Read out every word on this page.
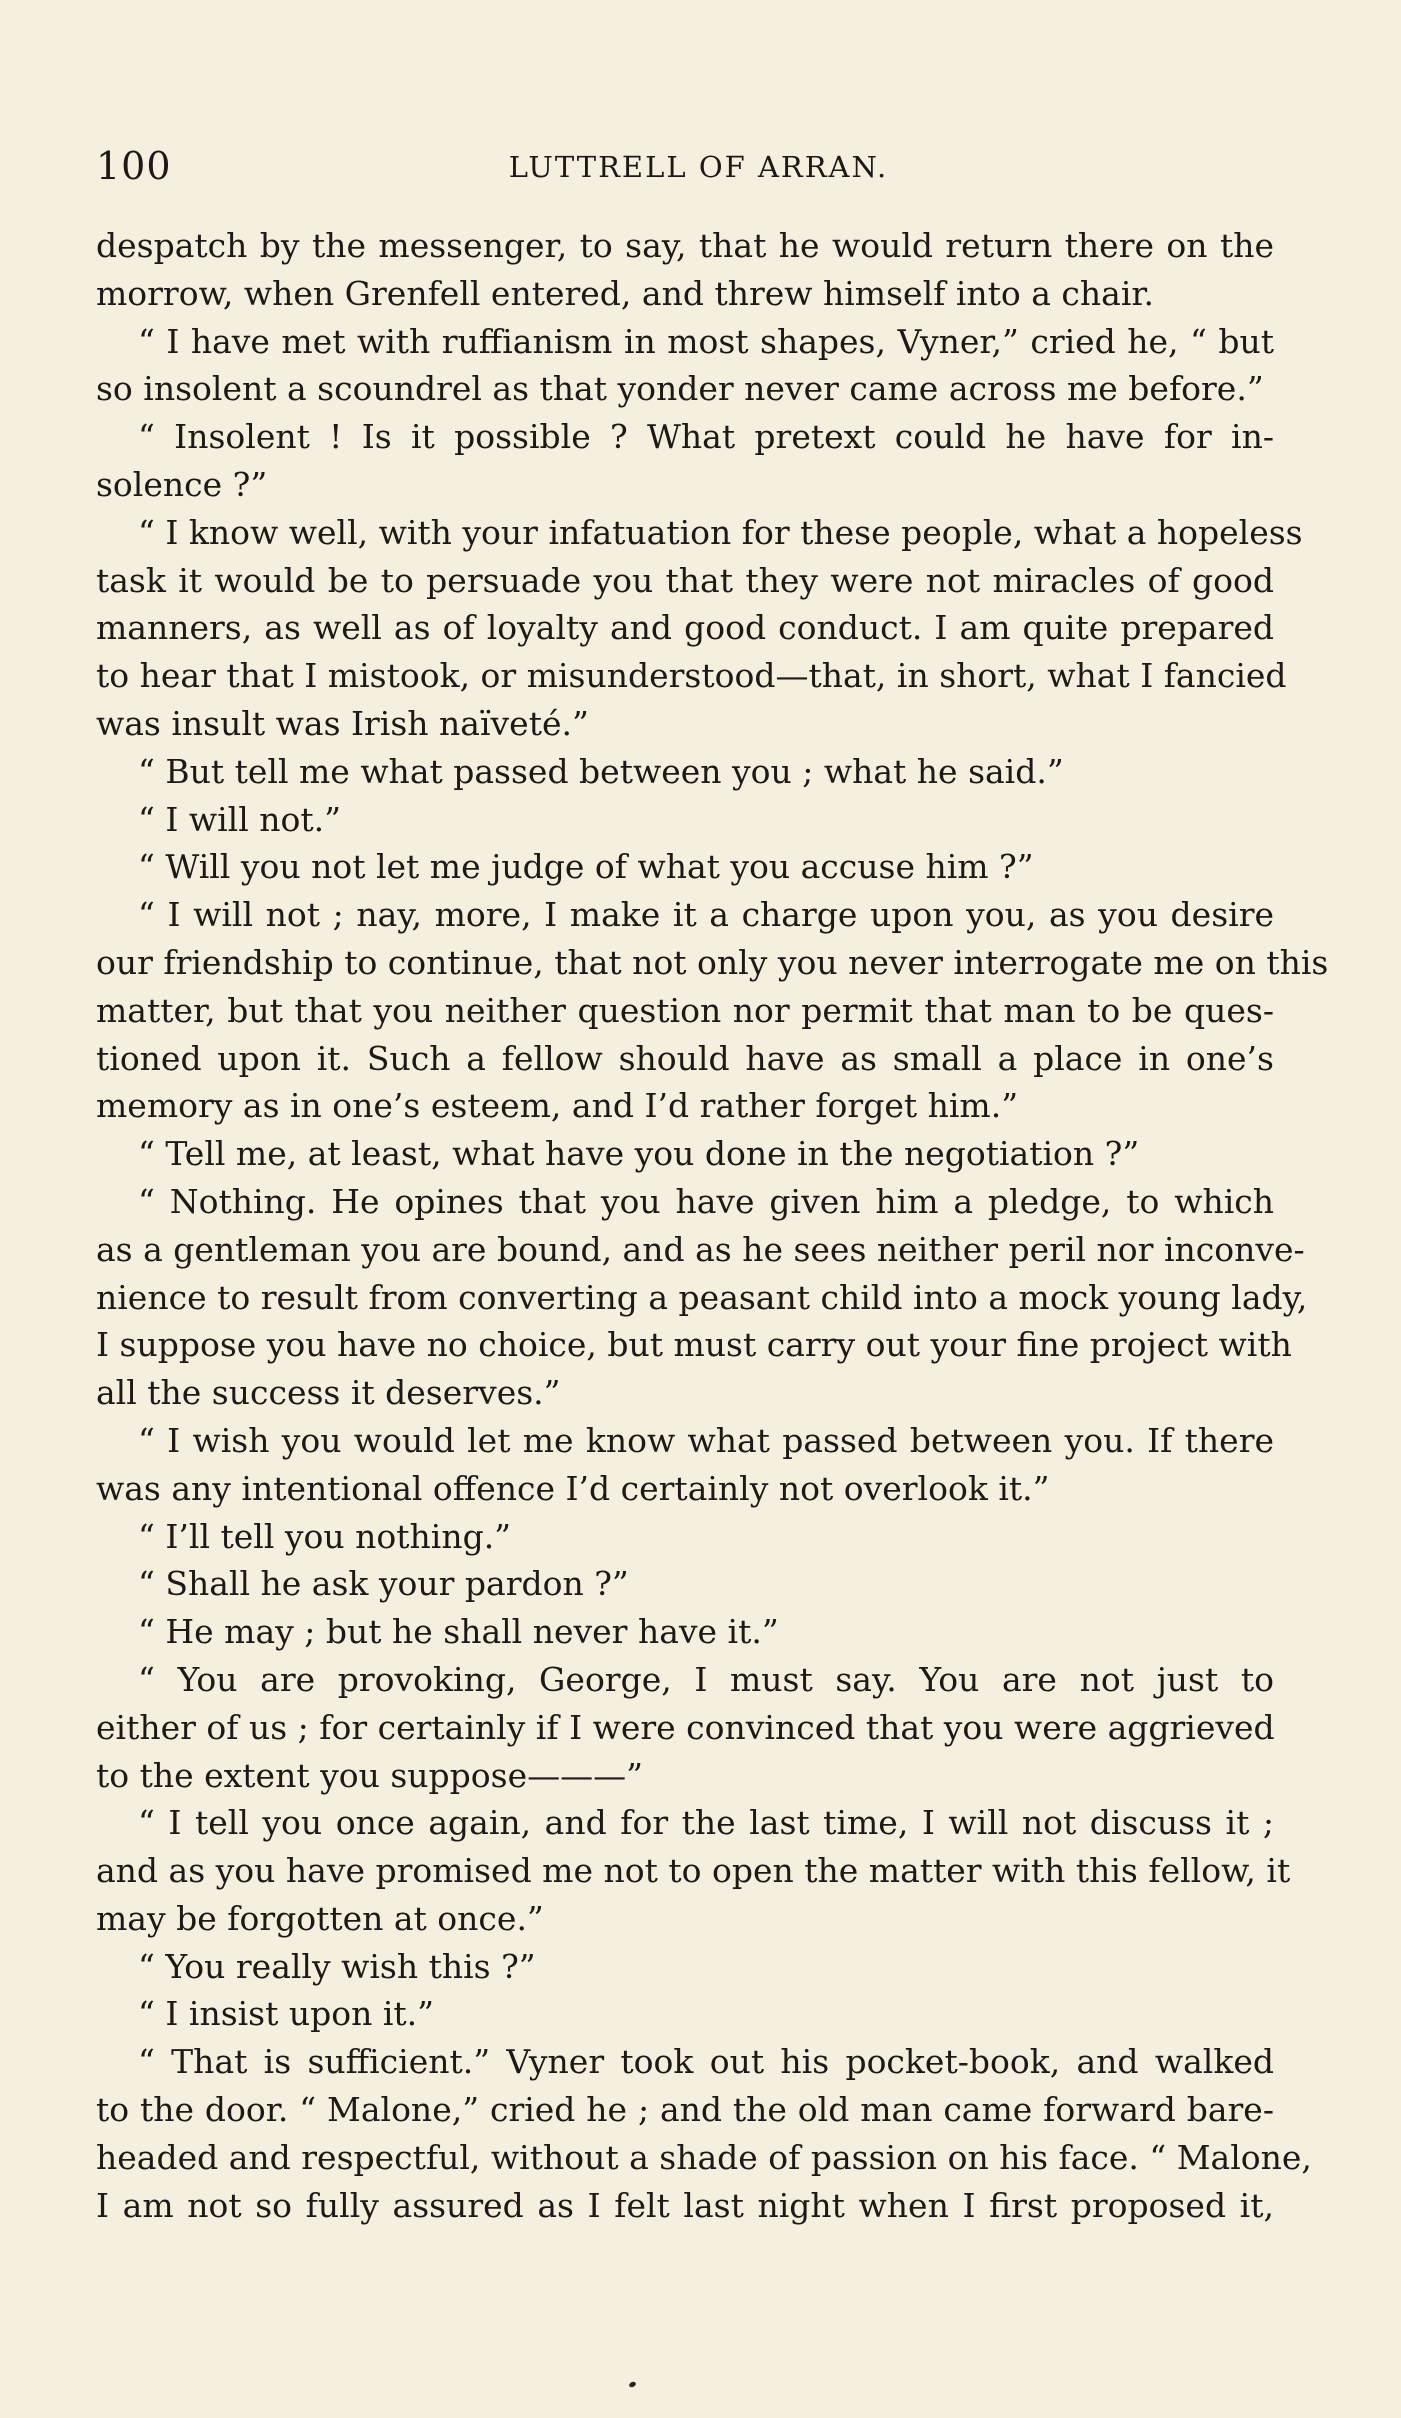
100	LUTTRELL OF ARRAN.
despatch by the messenger, to say, that he would return there on the
morrow, when Grenfell entered, and threw himself into a chair.
“ I have met with ruffianism in most shapes, Vyner,” cried he, “ but
so insolent a scoundrel as that yonder never came across me before.”
“ Insolent ! Is it possible ? What pretext could he have for in-
solence ?”
“ I know well, with your infatuation for these people, what a hopeless
task it would be to persuade you that they were not miracles of good
manners, as well as of loyalty and good conduct. I am quite prepared
to hear that I mistook, or misunderstood—that, in short, what I fancied
was insult was Irish naïveté.”
“ But tell me what passed between you ; what he said.”
“ I will not.”
“ Will you not let me judge of what you accuse him ?”
“ I will not ; nay, more, I make it a charge upon you, as you desire
our friendship to continue, that not only you never interrogate me on this
matter, but that you neither question nor permit that man to be ques-
tioned upon it. Such a fellow should have as small a place in one’s
memory as in one’s esteem, and I’d rather forget him.”
“ Tell me, at least, what have you done in the negotiation ?”
“ Nothing. He opines that you have given him a pledge, to which
as a gentleman you are bound, and as he sees neither peril nor inconve-
nience to result from converting a peasant child into a mock young lady,
I suppose you have no choice, but must carry out your fine project with
all the success it deserves.”
“ I wish you would let me know what passed between you. If there
was any intentional offence I’d certainly not overlook it.”
“ I’ll tell you nothing.”
“ Shall he ask your pardon ?”
“ He may ; but he shall never have it.”
“ You are provoking, George, I must say. You are not just to
either of us ; for certainly if I were convinced that you were aggrieved
to the extent you suppose———”
“ I tell you once again, and for the last time, I will not discuss it ;
and as you have promised me not to open the matter with this fellow, it
may be forgotten at once.”
“ You really wish this ?”
“ I insist upon it.”
“ That is sufficient.” Vyner took out his pocket-book, and walked
to the door. “ Malone,” cried he ; and the old man came forward bare-
headed and respectful, without a shade of passion on his face. “ Malone,
I am not so fully assured as I felt last night when I first proposed it,
